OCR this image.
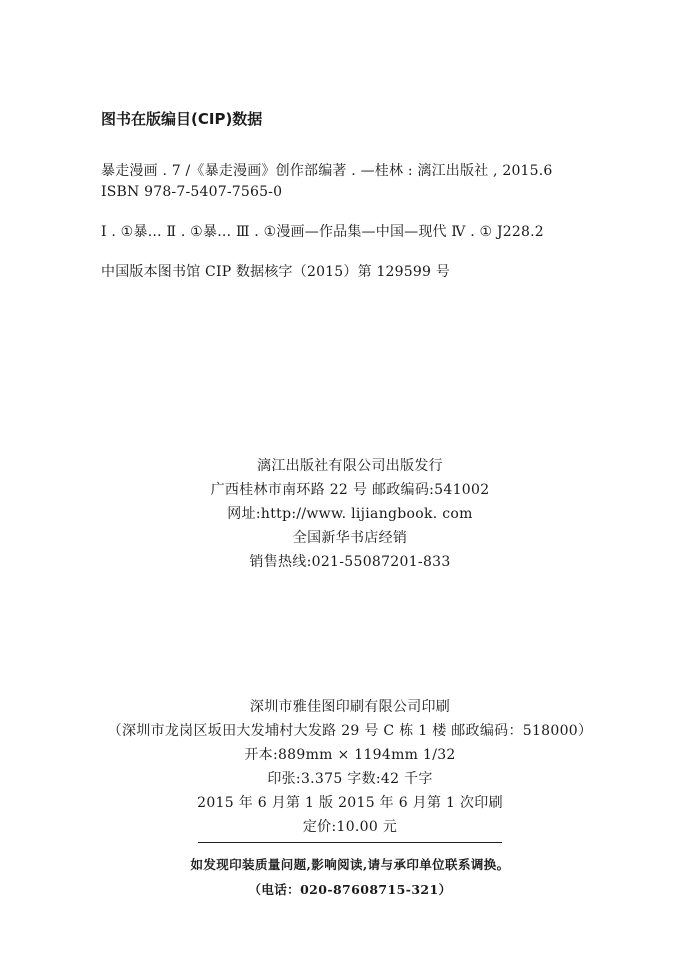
图书在版编目(CIP)数据
暴走漫画 . 7 /《暴走漫画》创作部编著 . —桂林 : 漓江出版社 , 2015.6
ISBN 978-7-5407-7565-0
Ⅰ . ①暴… Ⅱ . ①暴… Ⅲ . ①漫画—作品集—中国—现代 Ⅳ . ① J228.2
中国版本图书馆 CIP 数据核字（2015）第 129599 号
漓江出版社有限公司出版发行
广西桂林市南环路 22 号 邮政编码:541002
网址:http://www. lijiangbook. com
全国新华书店经销
销售热线:021-55087201-833
深圳市雅佳图印刷有限公司印刷
（深圳市龙岗区坂田大发埔村大发路 29 号 C 栋 1 楼 邮政编码：518000）
开本:889mm × 1194mm 1/32
印张:3.375 字数:42 千字
2015 年 6 月第 1 版 2015 年 6 月第 1 次印刷
定价:10.00 元
如发现印装质量问题,影响阅读,请与承印单位联系调换。
（电话：020-87608715-321）
